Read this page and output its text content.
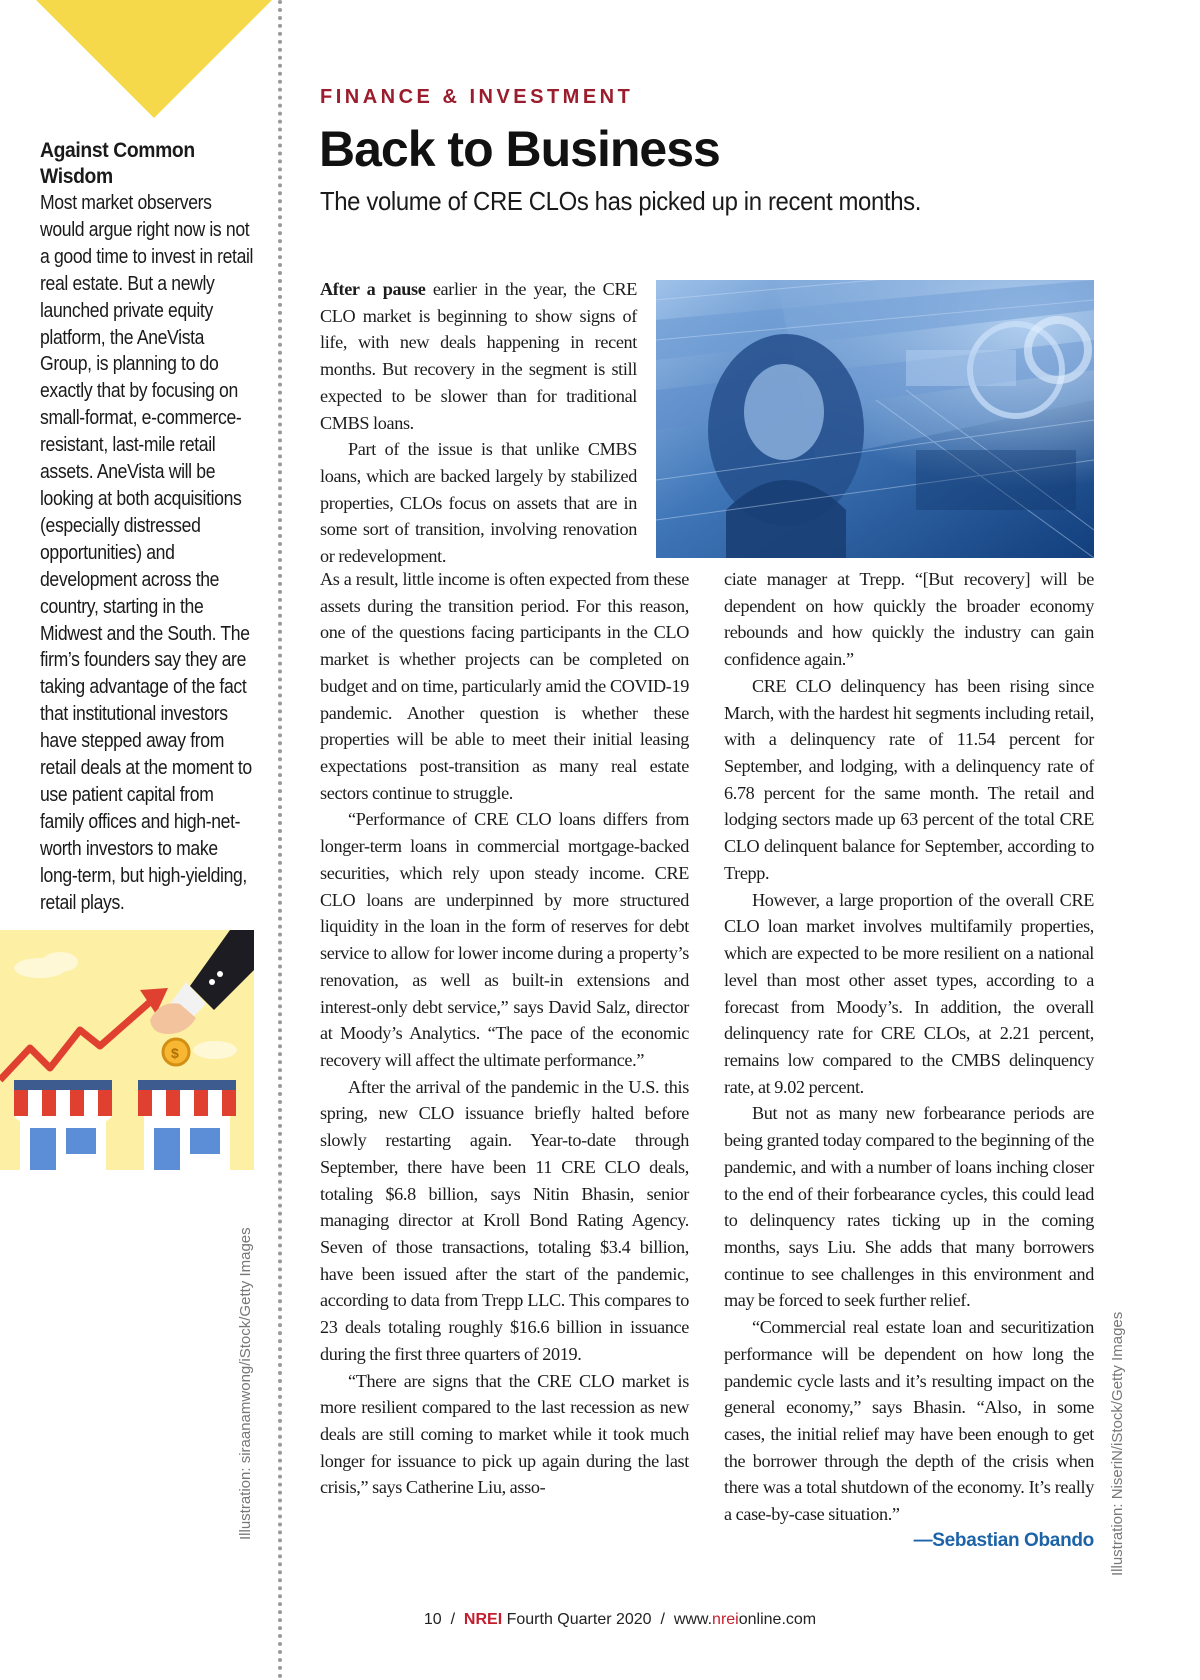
Against Common Wisdom

Most market observers would argue right now is not a good time to invest in retail real estate. But a newly launched private equity platform, the AneVista Group, is planning to do exactly that by focusing on small-format, e-commerce-resistant, last-mile retail assets. AneVista will be looking at both acquisitions (especially distressed opportunities) and development across the country, starting in the Midwest and the South. The firm’s founders say they are taking advantage of the fact that institutional investors have stepped away from retail deals at the moment to use patient capital from family offices and high-net-worth investors to make long-term, but high-yielding, retail plays.

$
Illustration: siraanamwong/iStock/Getty Images
FINANCE & INVESTMENT
Back to Business
The volume of CRE CLOs has picked up in recent months.

After a pause earlier in the year, the CRE CLO market is beginning to show signs of life, with new deals happening in recent months. But recovery in the segment is still expected to be slower than for traditional CMBS loans.

Part of the issue is that unlike CMBS loans, which are backed largely by stabilized properties, CLOs focus on assets that are in some sort of transition, involving renovation or redevelopment.

As a result, little income is often expected from these assets during the transition period. For this reason, one of the questions facing participants in the CLO market is whether projects can be completed on budget and on time, particularly amid the COVID-19 pandemic. Another question is whether these properties will be able to meet their initial leasing expectations post-transition as many real estate sectors continue to struggle.

“Performance of CRE CLO loans differs from longer-term loans in commercial mortgage-backed securities, which rely upon steady income. CRE CLO loans are underpinned by more structured liquidity in the loan in the form of reserves for debt service to allow for lower income during a property’s renovation, as well as built-in extensions and interest-only debt service,” says David Salz, director at Moody’s Analytics. “The pace of the economic recovery will affect the ultimate performance.”

After the arrival of the pandemic in the U.S. this spring, new CLO issuance briefly halted before slowly restarting again. Year-to-date through September, there have been 11 CRE CLO deals, totaling $6.8 billion, says Nitin Bhasin, senior managing director at Kroll Bond Rating Agency. Seven of those transactions, totaling $3.4 billion, have been issued after the start of the pandemic, according to data from Trepp LLC. This compares to 23 deals totaling roughly $16.6 billion in issuance during the first three quarters of 2019.

“There are signs that the CRE CLO market is more resilient compared to the last recession as new deals are still coming to market while it took much longer for issuance to pick up again during the last crisis,” says Catherine Liu, asso-

ciate manager at Trepp. “[But recovery] will be dependent on how quickly the broader economy rebounds and how quickly the industry can gain confidence again.”

CRE CLO delinquency has been rising since March, with the hardest hit segments including retail, with a delinquency rate of 11.54 percent for September, and lodging, with a delinquency rate of 6.78 percent for the same month. The retail and lodging sectors made up 63 percent of the total CRE CLO delinquent balance for September, according to Trepp.

However, a large proportion of the overall CRE CLO loan market involves multifamily properties, which are expected to be more resilient on a national level than most other asset types, according to a forecast from Moody’s. In addition, the overall delinquency rate for CRE CLOs, at 2.21 percent, remains low compared to the CMBS delinquency rate, at 9.02 percent.

But not as many new forbearance periods are being granted today compared to the beginning of the pandemic, and with a number of loans inching closer to the end of their forbearance cycles, this could lead to delinquency rates ticking up in the coming months, says Liu. She adds that many borrowers continue to see challenges in this environment and may be forced to seek further relief.

“Commercial real estate loan and securitization performance will be dependent on how long the pandemic cycle lasts and it’s resulting impact on the general economy,” says Bhasin. “Also, in some cases, the initial relief may have been enough to get the borrower through the depth of the crisis when there was a total shutdown of the economy. It’s really a case-by-case situation.”
—Sebastian Obando Illustration: NiseriN/iStock/Getty Images
10 / NREI Fourth Quarter 2020 / www.nreionline.com
